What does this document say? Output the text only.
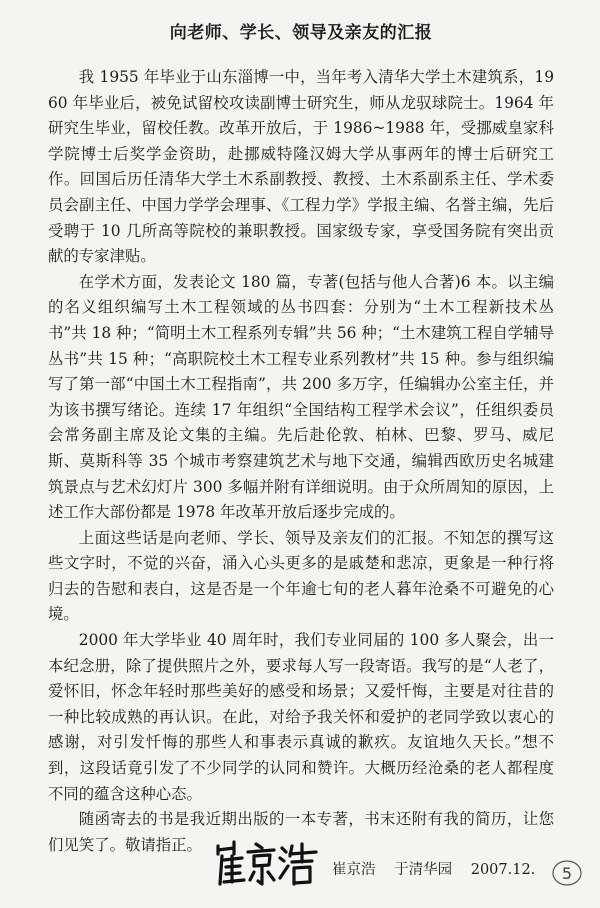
向老师、学长、领导及亲友的汇报

我 1955 年毕业于山东淄博一中，当年考入清华大学土木建筑系，1960 年毕业后，被免试留校攻读副博士研究生，师从龙驭球院士。1964 年研究生毕业，留校任教。改革开放后，于 1986~1988 年，受挪威皇家科学院博士后奖学金资助，赴挪威特隆汉姆大学从事两年的博士后研究工作。回国后历任清华大学土木系副教授、教授、土木系副系主任、学术委员会副主任、中国力学学会理事、《工程力学》学报主编、名誉主编，先后受聘于 10 几所高等院校的兼职教授。国家级专家，享受国务院有突出贡献的专家津贴。

在学术方面，发表论文 180 篇，专著(包括与他人合著)6 本。以主编的名义组织编写土木工程领域的丛书四套：分别为“土木工程新技术丛书”共 18 种；“简明土木工程系列专辑”共 56 种；“土木建筑工程自学辅导丛书”共 15 种；“高职院校土木工程专业系列教材”共 15 种。参与组织编写了第一部“中国土木工程指南”，共 200 多万字，任编辑办公室主任，并为该书撰写绪论。连续 17 年组织“全国结构工程学术会议”，任组织委员会常务副主席及论文集的主编。先后赴伦敦、柏林、巴黎、罗马、威尼斯、莫斯科等 35 个城市考察建筑艺术与地下交通，编辑西欧历史名城建筑景点与艺术幻灯片 300 多幅并附有详细说明。由于众所周知的原因，上述工作大部份都是 1978 年改革开放后逐步完成的。

上面这些话是向老师、学长、领导及亲友们的汇报。不知怎的撰写这些文字时，不觉的兴奋，涌入心头更多的是戚楚和悲凉，更象是一种行将归去的告慰和表白，这是否是一个年逾七旬的老人暮年沧桑不可避免的心境。

2000 年大学毕业 40 周年时，我们专业同届的 100 多人聚会，出一本纪念册，除了提供照片之外，要求每人写一段寄语。我写的是“人老了，爱怀旧，怀念年轻时那些美好的感受和场景；又爱忏悔，主要是对往昔的一种比较成熟的再认识。在此，对给予我关怀和爱护的老同学致以衷心的感谢，对引发忏悔的那些人和事表示真诚的歉疚。友谊地久天长。”想不到，这段话竟引发了不少同学的认同和赞许。大概历经沧桑的老人都程度不同的蕴含这种心态。

随函寄去的书是我近期出版的一本专著，书末还附有我的简历，让您们见笑了。敬请指正。

崔京浩 于清华园 2007.12.	5
